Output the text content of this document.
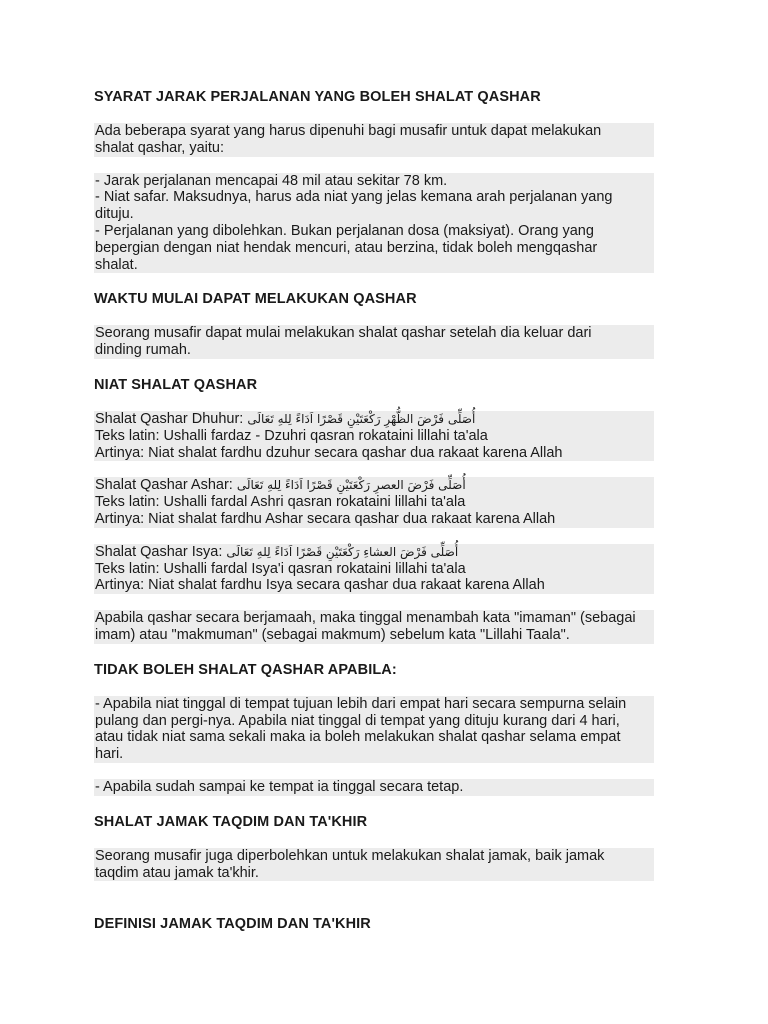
SYARAT JARAK PERJALANAN YANG BOLEH SHALAT QASHAR

Ada beberapa syarat yang harus dipenuhi bagi musafir untuk dapat melakukan
shalat qashar, yaitu:

- Jarak perjalanan mencapai 48 mil atau sekitar 78 km.
- Niat safar. Maksudnya, harus ada niat yang jelas kemana arah perjalanan yang
dituju.
- Perjalanan yang dibolehkan. Bukan perjalanan dosa (maksiyat). Orang yang
bepergian dengan niat hendak mencuri, atau berzina, tidak boleh mengqashar
shalat.

WAKTU MULAI DAPAT MELAKUKAN QASHAR

Seorang musafir dapat mulai melakukan shalat qashar setelah dia keluar dari
dinding rumah.

NIAT SHALAT QASHAR

Shalat Qashar Dhuhur: أُصَلِّى فَرْضَ الظُّهْرِ رَكْعَتَيْنِ قَصْرًا اَدَاءً لِلهِ تَعَالَى
Teks latin: Ushalli fardaz - Dzuhri qasran rokataini lillahi ta'ala
Artinya: Niat shalat fardhu dzuhur secara qashar dua rakaat karena Allah

Shalat Qashar Ashar: أُصَلِّى فَرْضَ العصرِ رَكْعَتَيْنِ قَصْرًا اَدَاءً لِلهِ تَعَالَى
Teks latin: Ushalli fardal Ashri qasran rokataini lillahi ta'ala
Artinya: Niat shalat fardhu Ashar secara qashar dua rakaat karena Allah

Shalat Qashar Isya: أُصَلِّى فَرْضَ العشاءِ رَكْعَتَيْنِ قَصْرًا اَدَاءً لِلهِ تَعَالَى
Teks latin: Ushalli fardal Isya'i qasran rokataini lillahi ta'ala
Artinya: Niat shalat fardhu Isya secara qashar dua rakaat karena Allah

Apabila qashar secara berjamaah, maka tinggal menambah kata "imaman" (sebagai
imam) atau "makmuman" (sebagai makmum) sebelum kata "Lillahi Taala".

TIDAK BOLEH SHALAT QASHAR APABILA:

- Apabila niat tinggal di tempat tujuan lebih dari empat hari secara sempurna selain
pulang dan pergi-nya. Apabila niat tinggal di tempat yang dituju kurang dari 4 hari,
atau tidak niat sama sekali maka ia boleh melakukan shalat qashar selama empat
hari.

- Apabila sudah sampai ke tempat ia tinggal secara tetap.

SHALAT JAMAK TAQDIM DAN TA'KHIR

Seorang musafir juga diperbolehkan untuk melakukan shalat jamak, baik jamak
taqdim atau jamak ta'khir.

DEFINISI JAMAK TAQDIM DAN TA'KHIR
